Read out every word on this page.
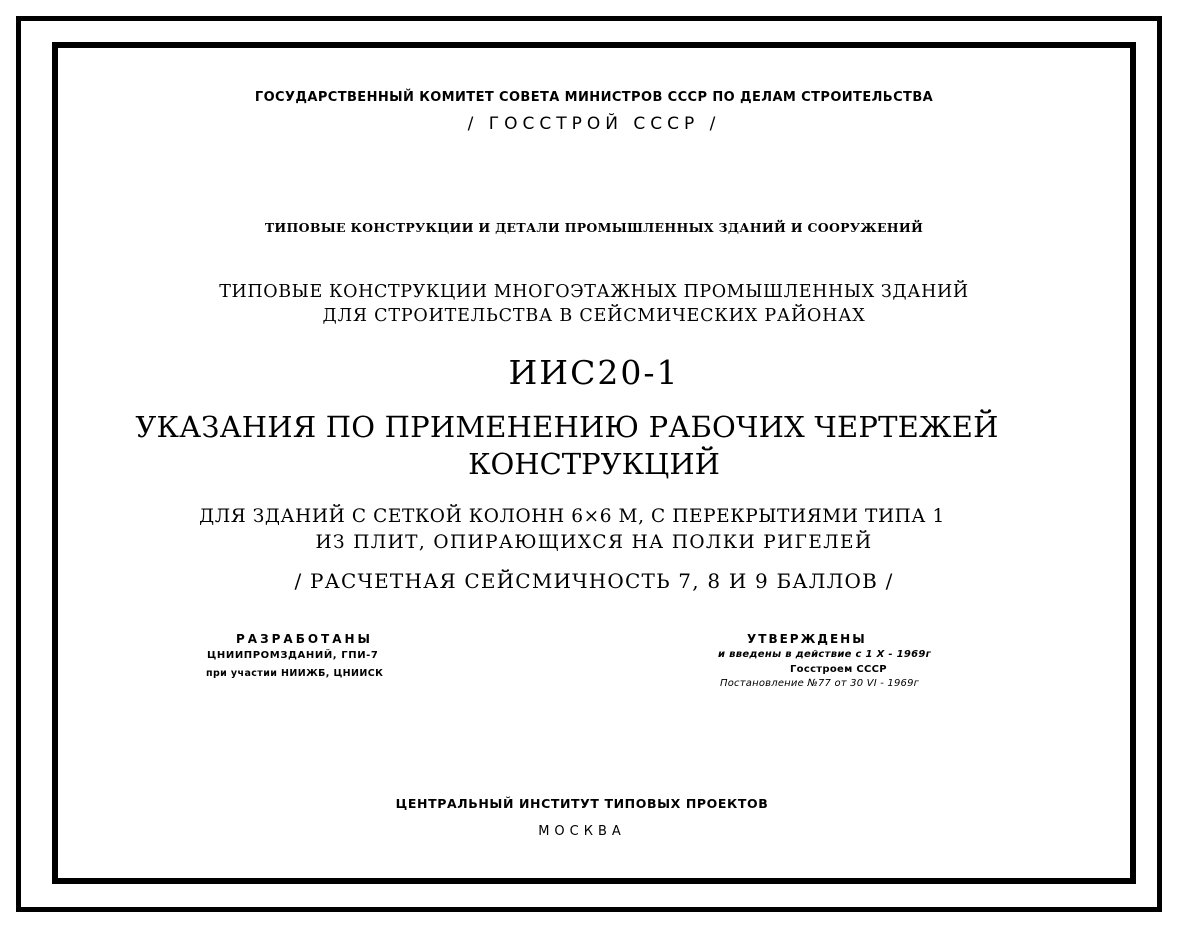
ГОСУДАРСТВЕННЫЙ КОМИТЕТ СОВЕТА МИНИСТРОВ СССР ПО ДЕЛАМ СТРОИТЕЛЬСТВА
/ ГОССТРОЙ СССР /
ТИПОВЫЕ КОНСТРУКЦИИ И ДЕТАЛИ ПРОМЫШЛЕННЫХ ЗДАНИЙ И СООРУЖЕНИЙ
ТИПОВЫЕ КОНСТРУКЦИИ МНОГОЭТАЖНЫХ ПРОМЫШЛЕННЫХ ЗДАНИЙ
ДЛЯ СТРОИТЕЛЬСТВА В СЕЙСМИЧЕСКИХ РАЙОНАХ
ИИС20-1
УКАЗАНИЯ ПО ПРИМЕНЕНИЮ РАБОЧИХ ЧЕРТЕЖЕЙ
КОНСТРУКЦИЙ
ДЛЯ ЗДАНИЙ С СЕТКОЙ КОЛОНН 6×6 М, С ПЕРЕКРЫТИЯМИ ТИПА 1
ИЗ ПЛИТ, ОПИРАЮЩИХСЯ НА ПОЛКИ РИГЕЛЕЙ
/ РАСЧЕТНАЯ СЕЙСМИЧНОСТЬ 7, 8 И 9 БАЛЛОВ /
РАЗРАБОТАНЫ
ЦНИИПРОМЗДАНИЙ, ГПИ-7
при участии НИИЖБ, ЦНИИСК
УТВЕРЖДЕНЫ
и введены в действие с 1 X - 1969г
Госстроем СССР
Постановление №77 от 30 VI - 1969г
ЦЕНТРАЛЬНЫЙ ИНСТИТУТ ТИПОВЫХ ПРОЕКТОВ
МОСКВА
